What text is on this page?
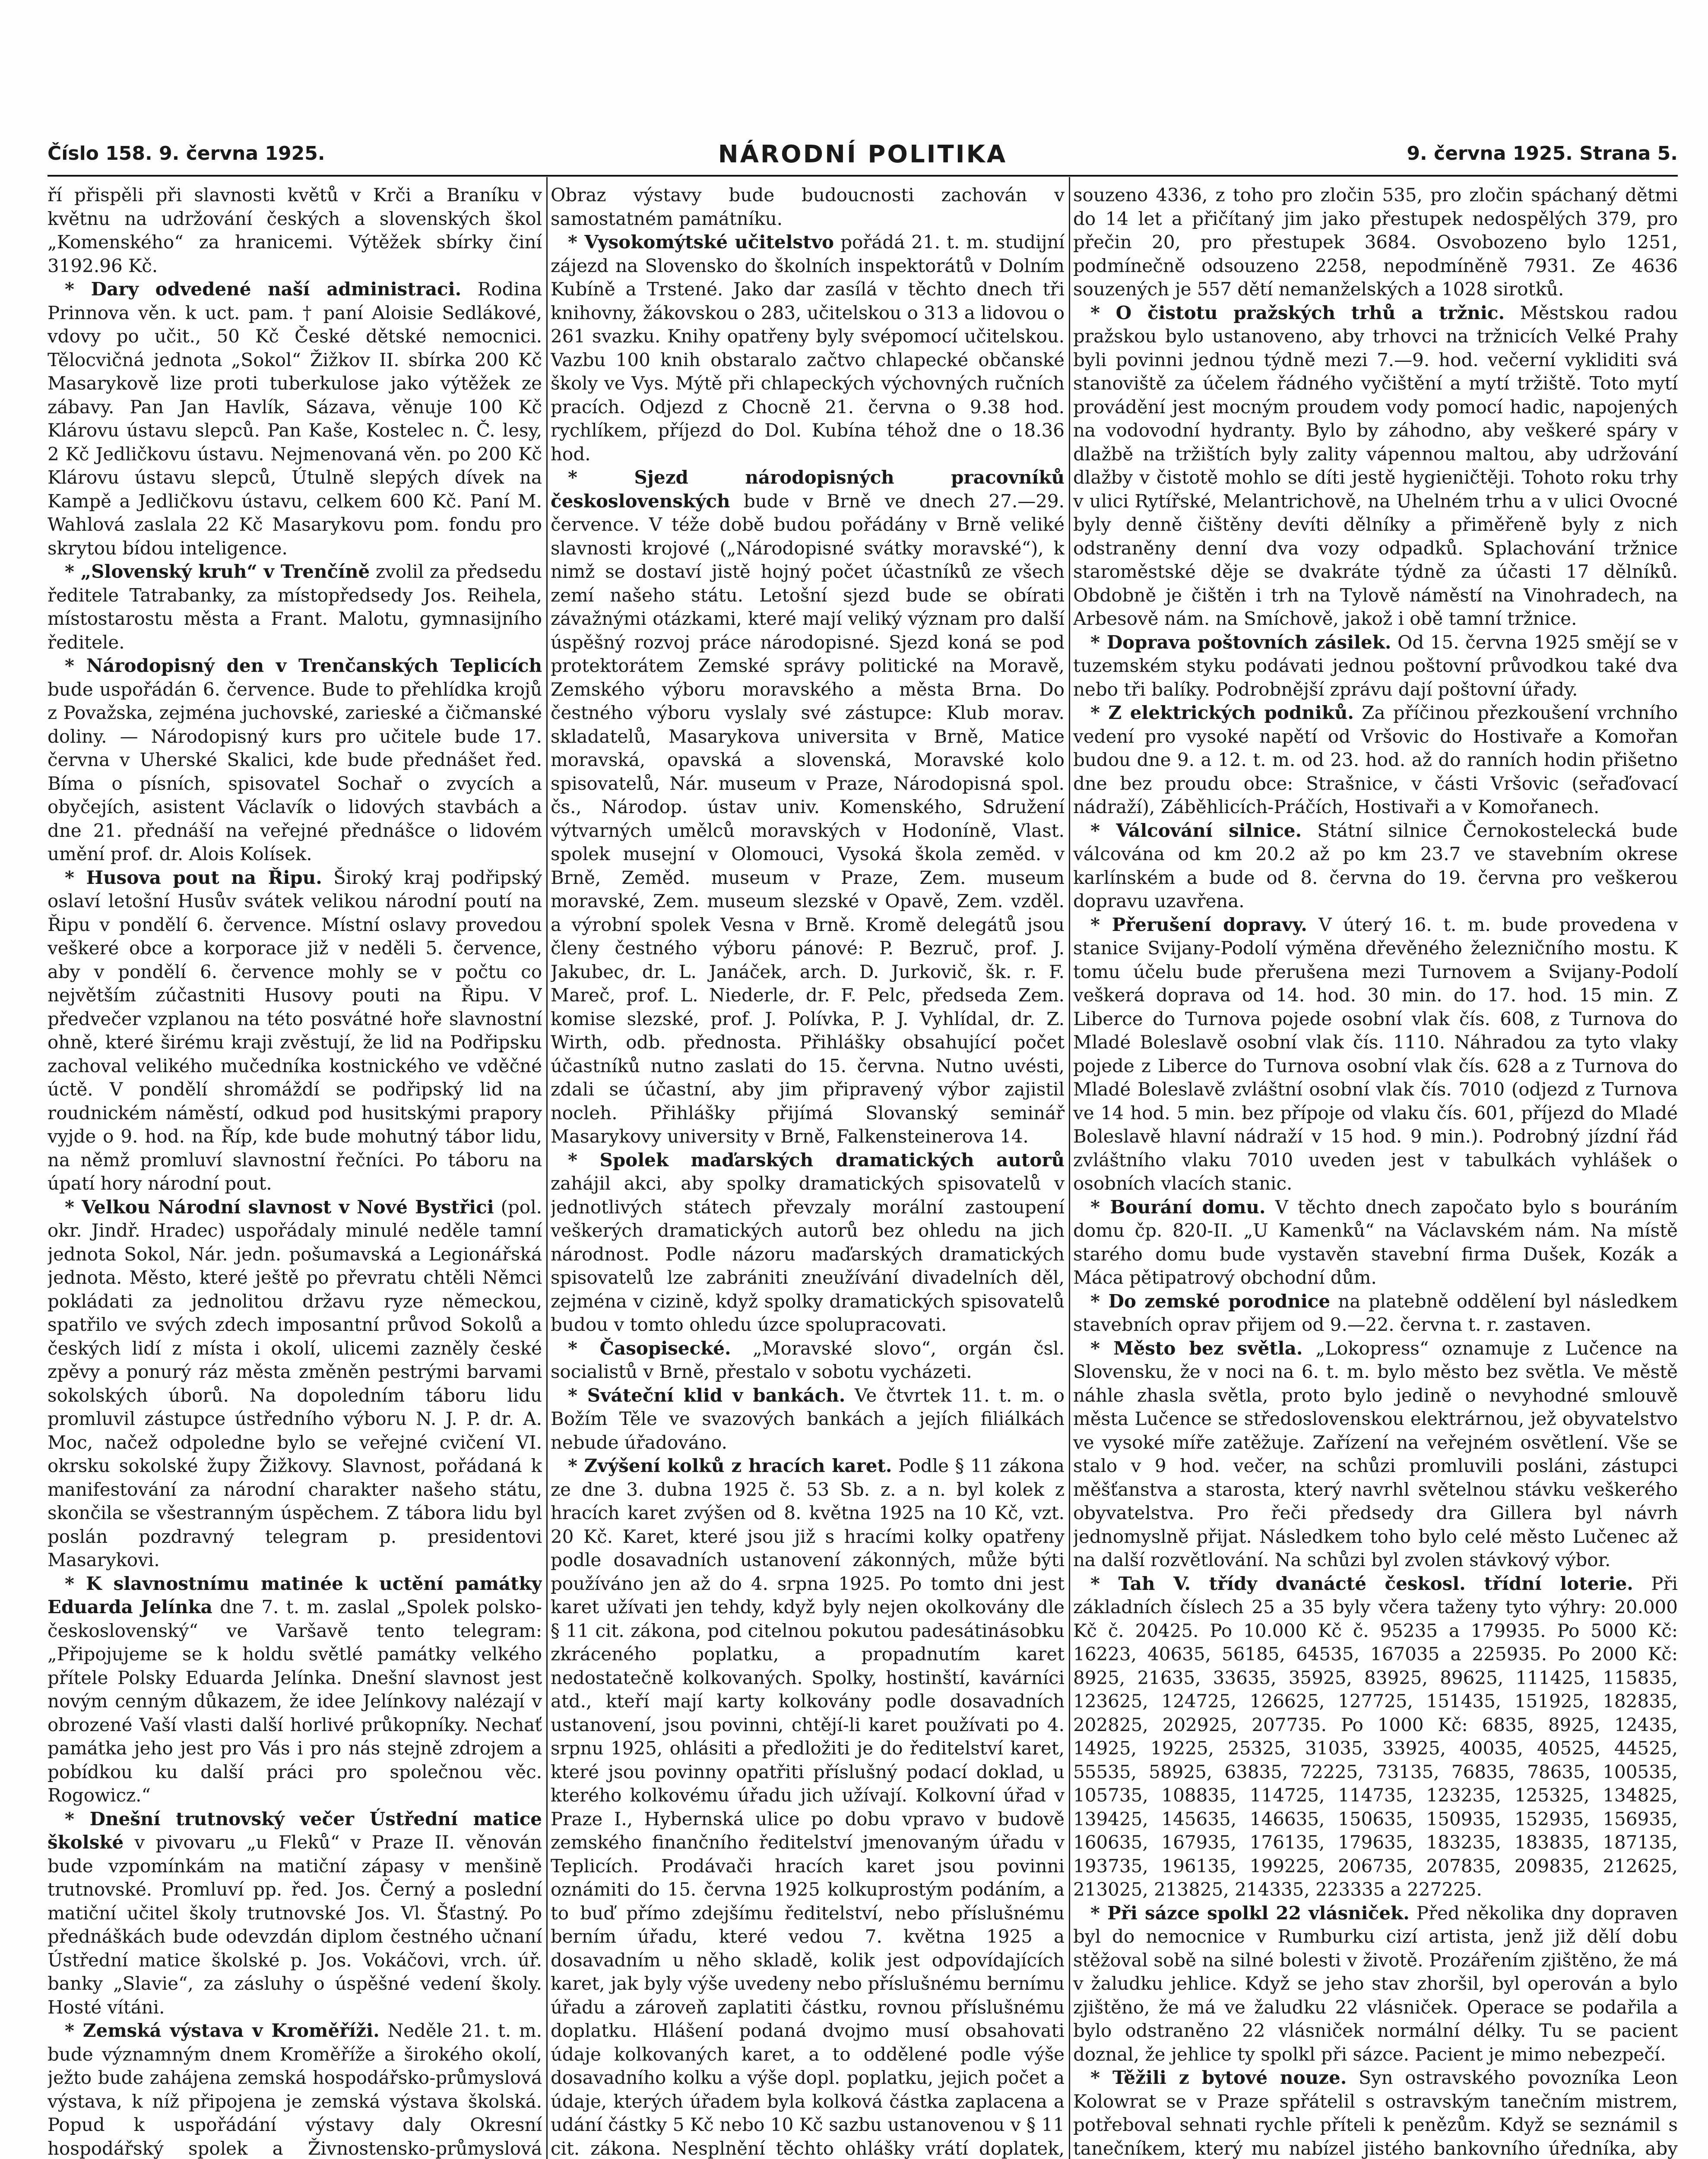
Číslo 158. 9. června 1925.	NÁRODNÍ POLITIKA	9. června 1925. Strana 5.

ří přispěli při slavnosti květů v Krči a Braníku v květnu na udržování českých a slovenských škol „Komenského“ za hranicemi. Výtěžek sbírky činí 3192.96 Kč.

* Dary odvedené naší administraci. Rodina Prinnova věn. k uct. pam. † paní Aloisie Sedlákové, vdovy po učit., 50 Kč České dětské nemocnici. Tělocvičná jednota „Sokol“ Žižkov II. sbírka 200 Kč Masarykově lize proti tuberkulose jako výtěžek ze zábavy. Pan Jan Havlík, Sázava, věnuje 100 Kč Klárovu ústavu slepců. Pan Kaše, Kostelec n. Č. lesy, 2 Kč Jedličkovu ústavu. Nejmenovaná věn. po 200 Kč Klárovu ústavu slepců, Útulně slepých dívek na Kampě a Jedličkovu ústavu, celkem 600 Kč. Paní M. Wahlová zaslala 22 Kč Masarykovu pom. fondu pro skrytou bídou inteligence.

* „Slovenský kruh“ v Trenčíně zvolil za předsedu ředitele Tatrabanky, za místopředsedy Jos. Reihela, místostarostu města a Frant. Malotu, gymnasijního ředitele.

* Národopisný den v Trenčanských Teplicích bude uspořádán 6. července. Bude to přehlídka krojů z Považska, zejména juchovské, zarieské a čičmanské doliny. — Národopisný kurs pro učitele bude 17. června v Uherské Skalici, kde bude přednášet řed. Bíma o písních, spisovatel Sochař o zvycích a obyčejích, asistent Václavík o lidových stavbách a dne 21. přednáší na veřejné přednášce o lidovém umění prof. dr. Alois Kolísek.

* Husova pout na Řipu. Široký kraj podřipský oslaví letošní Husův svátek velikou národní poutí na Řipu v pondělí 6. července. Místní oslavy provedou veškeré obce a korporace již v neděli 5. července, aby v pondělí 6. července mohly se v počtu co největším zúčastniti Husovy pouti na Řipu. V předvečer vzplanou na této posvátné hoře slavnostní ohně, které širému kraji zvěstují, že lid na Podřipsku zachoval velikého mučedníka kostnického ve vděčné úctě. V pondělí shromáždí se podřipský lid na roudnickém náměstí, odkud pod husitskými prapory vyjde o 9. hod. na Říp, kde bude mohutný tábor lidu, na němž promluví slavnostní řečníci. Po táboru na úpatí hory národní pout.

* Velkou Národní slavnost v Nové Bystřici (pol. okr. Jindř. Hradec) uspořádaly minulé neděle tamní jednota Sokol, Nár. jedn. pošumavská a Legionářská jednota. Město, které ještě po převratu chtěli Němci pokládati za jednolitou državu ryze německou, spatřilo ve svých zdech imposantní průvod Sokolů a českých lidí z místa i okolí, ulicemi zazněly české zpěvy a ponurý ráz města změněn pestrými barvami sokolských úborů. Na dopoledním táboru lidu promluvil zástupce ústředního výboru N. J. P. dr. A. Moc, načež odpoledne bylo se veřejné cvičení VI. okrsku sokolské župy Žižkovy. Slavnost, pořádaná k manifestování za národní charakter našeho státu, skončila se všestranným úspěchem. Z tábora lidu byl poslán pozdravný telegram p. presidentovi Masarykovi.

* K slavnostnímu matinée k uctění památky Eduarda Jelínka dne 7. t. m. zaslal „Spolek polsko-československý“ ve Varšavě tento telegram: „Připojujeme se k holdu světlé památky velkého přítele Polsky Eduarda Jelínka. Dnešní slavnost jest novým cenným důkazem, že idee Jelínkovy nalézají v obrozené Vaší vlasti další horlivé průkopníky. Nechať památka jeho jest pro Vás i pro nás stejně zdrojem a pobídkou ku další práci pro společnou věc. Rogowicz.“

* Dnešní trutnovský večer Ústřední matice školské v pivovaru „u Fleků“ v Praze II. věnován bude vzpomínkám na matiční zápasy v menšině trutnovské. Promluví pp. řed. Jos. Černý a poslední matiční učitel školy trutnovské Jos. Vl. Šťastný. Po přednáškách bude odevzdán diplom čestného učnaní Ústřední matice školské p. Jos. Vokáčovi, vrch. úř. banky „Slavie“, za zásluhy o úspěšné vedení školy. Hosté vítáni.

* Zemská výstava v Kroměříži. Neděle 21. t. m. bude významným dnem Kroměříže a širokého okolí, ježto bude zahájena zemská hospodářsko-průmyslová výstava, k níž připojena je zemská výstava školská. Popud k uspořádání výstavy daly Okresní hospodářský spolek a Živnostensko-průmyslová

Obraz výstavy bude budoucnosti zachován v samostatném památníku.

* Vysokomýtské učitelstvo pořádá 21. t. m. studijní zájezd na Slovensko do školních inspektorátů v Dolním Kubíně a Trstené. Jako dar zasílá v těchto dnech tři knihovny, žákovskou o 283, učitelskou o 313 a lidovou o 261 svazku. Knihy opatřeny byly svépomocí učitelskou. Vazbu 100 knih obstaralo začtvo chlapecké občanské školy ve Vys. Mýtě při chlapeckých výchovných ručních pracích. Odjezd z Chocně 21. června o 9.38 hod. rychlíkem, příjezd do Dol. Kubína téhož dne o 18.36 hod.

* Sjezd národopisných pracovníků československých bude v Brně ve dnech 27.—29. července. V téže době budou pořádány v Brně veliké slavnosti krojové („Národopisné svátky moravské“), k nimž se dostaví jistě hojný počet účastníků ze všech zemí našeho státu. Letošní sjezd bude se obírati závažnými otázkami, které mají veliký význam pro další úspěšný rozvoj práce národopisné. Sjezd koná se pod protektorátem Zemské správy politické na Moravě, Zemského výboru moravského a města Brna. Do čestného výboru vyslaly své zástupce: Klub morav. skladatelů, Masarykova universita v Brně, Matice moravská, opavská a slovenská, Moravské kolo spisovatelů, Nár. museum v Praze, Národopisná spol. čs., Národop. ústav univ. Komenského, Sdružení výtvarných umělců moravských v Hodoníně, Vlast. spolek musejní v Olomouci, Vysoká škola zeměd. v Brně, Zeměd. museum v Praze, Zem. museum moravské, Zem. museum slezské v Opavě, Zem. vzděl. a výrobní spolek Vesna v Brně. Kromě delegátů jsou členy čestného výboru pánové: P. Bezruč, prof. J. Jakubec, dr. L. Janáček, arch. D. Jurkovič, šk. r. F. Mareč, prof. L. Niederle, dr. F. Pelc, předseda Zem. komise slezské, prof. J. Polívka, P. J. Vyhlídal, dr. Z. Wirth, odb. přednosta. Přihlášky obsahující počet účastníků nutno zaslati do 15. června. Nutno uvésti, zdali se účastní, aby jim připravený výbor zajistil nocleh. Přihlášky přijímá Slovanský seminář Masarykovy university v Brně, Falkensteinerova 14.

* Spolek maďarských dramatických autorů zahájil akci, aby spolky dramatických spisovatelů v jednotlivých státech převzaly morální zastoupení veškerých dramatických autorů bez ohledu na jich národnost. Podle názoru maďarských dramatických spisovatelů lze zabrániti zneužívání divadelních děl, zejména v cizině, když spolky dramatických spisovatelů budou v tomto ohledu úzce spolupracovati.

* Časopisecké. „Moravské slovo“, orgán čsl. socialistů v Brně, přestalo v sobotu vycházeti.

* Sváteční klid v bankách. Ve čtvrtek 11. t. m. o Božím Těle ve svazových bankách a jejích filiálkách nebude úřadováno.

* Zvýšení kolků z hracích karet. Podle § 11 zákona ze dne 3. dubna 1925 č. 53 Sb. z. a n. byl kolek z hracích karet zvýšen od 8. května 1925 na 10 Kč, vzt. 20 Kč. Karet, které jsou již s hracími kolky opatřeny podle dosavadních ustanovení zákonných, může býti používáno jen až do 4. srpna 1925. Po tomto dni jest karet užívati jen tehdy, když byly nejen okolkovány dle § 11 cit. zákona, pod citelnou pokutou padesátinásobku zkráceného poplatku, a propadnutím karet nedostatečně kolkovaných. Spolky, hostinští, kavárníci atd., kteří mají karty kolkovány podle dosavadních ustanovení, jsou povinni, chtějí-li karet používati po 4. srpnu 1925, ohlásiti a předložiti je do ředitelství karet, které jsou povinny opatřiti příslušný podací doklad, u kterého kolkovému úřadu jich užívají. Kolkovní úřad v Praze I., Hybernská ulice po dobu vpravo v budově zemského finančního ředitelství jmenovaným úřadu v Teplicích. Prodávači hracích karet jsou povinni oznámiti do 15. června 1925 kolkuprostým podáním, a to buď přímo zdejšímu ředitelství, nebo příslušnému berním úřadu, které vedou 7. května 1925 a dosavadním u něho skladě, kolik jest odpovídajících karet, jak byly výše uvedeny nebo příslušnému bernímu úřadu a zároveň zaplatiti částku, rovnou příslušnému doplatku. Hlášení podaná dvojmo musí obsahovati údaje kolkovaných karet, a to oddělené podle výše dosavadního kolku a výše dopl. poplatku, jejich počet a údaje, kterých úřadem byla kolková částka zaplacena a udání částky 5 Kč nebo 10 Kč sazbu ustanovenou v § 11 cit. zákona. Nesplnění těchto ohlášky vrátí doplatek,

souzeno 4336, z toho pro zločin 535, pro zločin spáchaný dětmi do 14 let a přičítaný jim jako přestupek nedospělých 379, pro přečin 20, pro přestupek 3684. Osvobozeno bylo 1251, podmínečně odsouzeno 2258, nepodmíněně 7931. Ze 4636 souzených je 557 dětí nemanželských a 1028 sirotků.

* O čistotu pražských trhů a tržnic. Městskou radou pražskou bylo ustanoveno, aby trhovci na tržnicích Velké Prahy byli povinni jednou týdně mezi 7.—9. hod. večerní vykliditi svá stanoviště za účelem řádného vyčištění a mytí tržiště. Toto mytí provádění jest mocným proudem vody pomocí hadic, napojených na vodovodní hydranty. Bylo by záhodno, aby veškeré spáry v dlažbě na tržištích byly zality vápennou maltou, aby udržování dlažby v čistotě mohlo se díti jestě hygieničtěji. Tohoto roku trhy v ulici Rytířské, Melantrichově, na Uhelném trhu a v ulici Ovocné byly denně čištěny devíti dělníky a přiměřeně byly z nich odstraněny denní dva vozy odpadků. Splachování tržnice staroměstské děje se dvakráte týdně za účasti 17 dělníků. Obdobně je čištěn i trh na Tylově náměstí na Vinohradech, na Arbesově nám. na Smíchově, jakož i obě tamní tržnice.

* Doprava poštovních zásilek. Od 15. června 1925 smějí se v tuzemském styku podávati jednou poštovní průvodkou také dva nebo tři balíky. Podrobnější zprávu dají poštovní úřady.

* Z elektrických podniků. Za příčinou přezkoušení vrchního vedení pro vysoké napětí od Vršovic do Hostivaře a Komořan budou dne 9. a 12. t. m. od 23. hod. až do ranních hodin přišetno dne bez proudu obce: Strašnice, v části Vršovic (seřaďovací nádraží), Záběhlicích-Práčích, Hostivaři a v Komořanech.

* Válcování silnice. Státní silnice Černokostelecká bude válcována od km 20.2 až po km 23.7 ve stavebním okrese karlínském a bude od 8. června do 19. června pro veškerou dopravu uzavřena.

* Přerušení dopravy. V úterý 16. t. m. bude provedena v stanice Svijany-Podolí výměna dřevěného železničního mostu. K tomu účelu bude přerušena mezi Turnovem a Svijany-Podolí veškerá doprava od 14. hod. 30 min. do 17. hod. 15 min. Z Liberce do Turnova pojede osobní vlak čís. 608, z Turnova do Mladé Boleslavě osobní vlak čís. 1110. Náhradou za tyto vlaky pojede z Liberce do Turnova osobní vlak čís. 628 a z Turnova do Mladé Boleslavě zvláštní osobní vlak čís. 7010 (odjezd z Turnova ve 14 hod. 5 min. bez přípoje od vlaku čís. 601, příjezd do Mladé Boleslavě hlavní nádraží v 15 hod. 9 min.). Podrobný jízdní řád zvláštního vlaku 7010 uveden jest v tabulkách vyhlášek o osobních vlacích stanic.

* Bourání domu. V těchto dnech započato bylo s bouráním domu čp. 820-II. „U Kamenků“ na Václavském nám. Na místě starého domu bude vystavěn stavební firma Dušek, Kozák a Máca pětipatrový obchodní dům.

* Do zemské porodnice na platebně oddělení byl následkem stavebních oprav přijem od 9.—22. června t. r. zastaven.

* Město bez světla. „Lokopress“ oznamuje z Lučence na Slovensku, že v noci na 6. t. m. bylo město bez světla. Ve městě náhle zhasla světla, proto bylo jedině o nevyhodné smlouvě města Lučence se středoslovenskou elektrárnou, jež obyvatelstvo ve vysoké míře zatěžuje. Zařízení na veřejném osvětlení. Vše se stalo v 9 hod. večer, na schůzi promluvili posláni, zástupci měšťanstva a starosta, který navrhl světelnou stávku veškerého obyvatelstva. Pro řeči předsedy dra Gillera byl návrh jednomyslně přijat. Následkem toho bylo celé město Lučenec až na další rozvětlování. Na schůzi byl zvolen stávkový výbor.

* Tah V. třídy dvanácté českosl. třídní loterie. Při základních číslech 25 a 35 byly včera taženy tyto výhry: 20.000 Kč č. 20425. Po 10.000 Kč č. 95235 a 179935. Po 5000 Kč: 16223, 40635, 56185, 64535, 167035 a 225935. Po 2000 Kč: 8925, 21635, 33635, 35925, 83925, 89625, 111425, 115835, 123625, 124725, 126625, 127725, 151435, 151925, 182835, 202825, 202925, 207735. Po 1000 Kč: 6835, 8925, 12435, 14925, 19225, 25325, 31035, 33925, 40035, 40525, 44525, 55535, 58925, 63835, 72225, 73135, 76835, 78635, 100535, 105735, 108835, 114725, 114735, 123235, 125325, 134825, 139425, 145635, 146635, 150635, 150935, 152935, 156935, 160635, 167935, 176135, 179635, 183235, 183835, 187135, 193735, 196135, 199225, 206735, 207835, 209835, 212625, 213025, 213825, 214335, 223335 a 227225.

* Při sázce spolkl 22 vlásniček. Před několika dny dopraven byl do nemocnice v Rumburku cizí artista, jenž již dělí dobu stěžoval sobě na silné bolesti v životě. Prozářením zjištěno, že má v žaludku jehlice. Když se jeho stav zhoršil, byl operován a bylo zjištěno, že má ve žaludku 22 vlásniček. Operace se podařila a bylo odstraněno 22 vlásniček normální délky. Tu se pacient doznal, že jehlice ty spolkl při sázce. Pacient je mimo nebezpečí.

* Těžili z bytové nouze. Syn ostravského povozníka Leon Kolowrat se v Praze spřátelil s ostravským tanečním mistrem, potřeboval sehnati rychle příteli k penězům. Když se seznámil s tanečníkem, který mu nabízel jistého bankovního úředníka, aby
